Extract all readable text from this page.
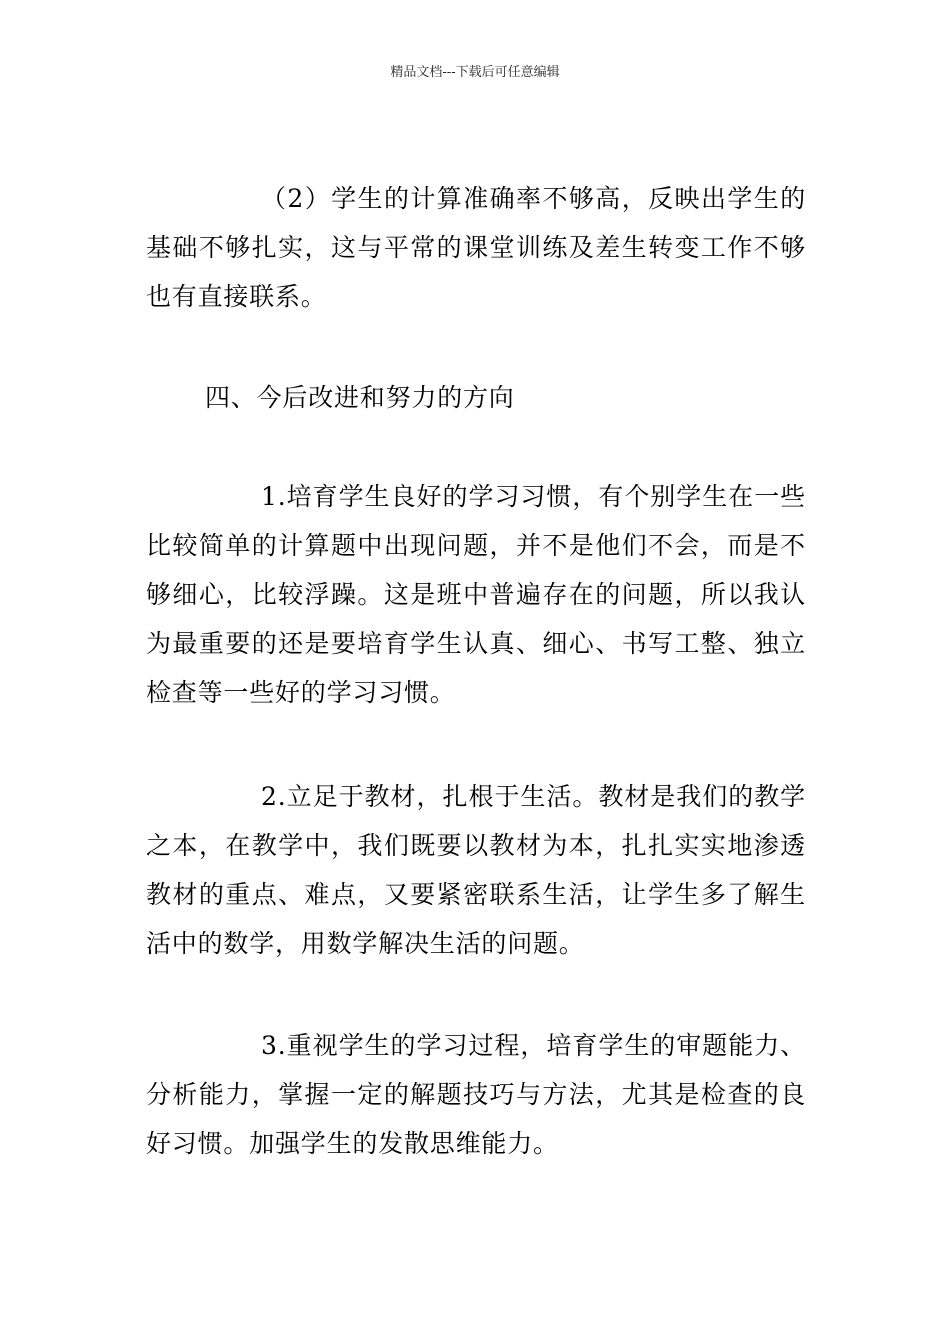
精品文档---下载后可任意编辑

（2）学生的计算准确率不够高，反映出学生的基础不够扎实，这与平常的课堂训练及差生转变工作不够也有直接联系。

四、今后改进和努力的方向

1.培育学生良好的学习习惯，有个别学生在一些比较简单的计算题中出现问题，并不是他们不会，而是不够细心，比较浮躁。这是班中普遍存在的问题，所以我认为最重要的还是要培育学生认真、细心、书写工整、独立检查等一些好的学习习惯。

2.立足于教材，扎根于生活。教材是我们的教学之本，在教学中，我们既要以教材为本，扎扎实实地渗透教材的重点、难点，又要紧密联系生活，让学生多了解生活中的数学，用数学解决生活的问题。

3.重视学生的学习过程，培育学生的审题能力、分析能力，掌握一定的解题技巧与方法，尤其是检查的良好习惯。加强学生的发散思维能力。
